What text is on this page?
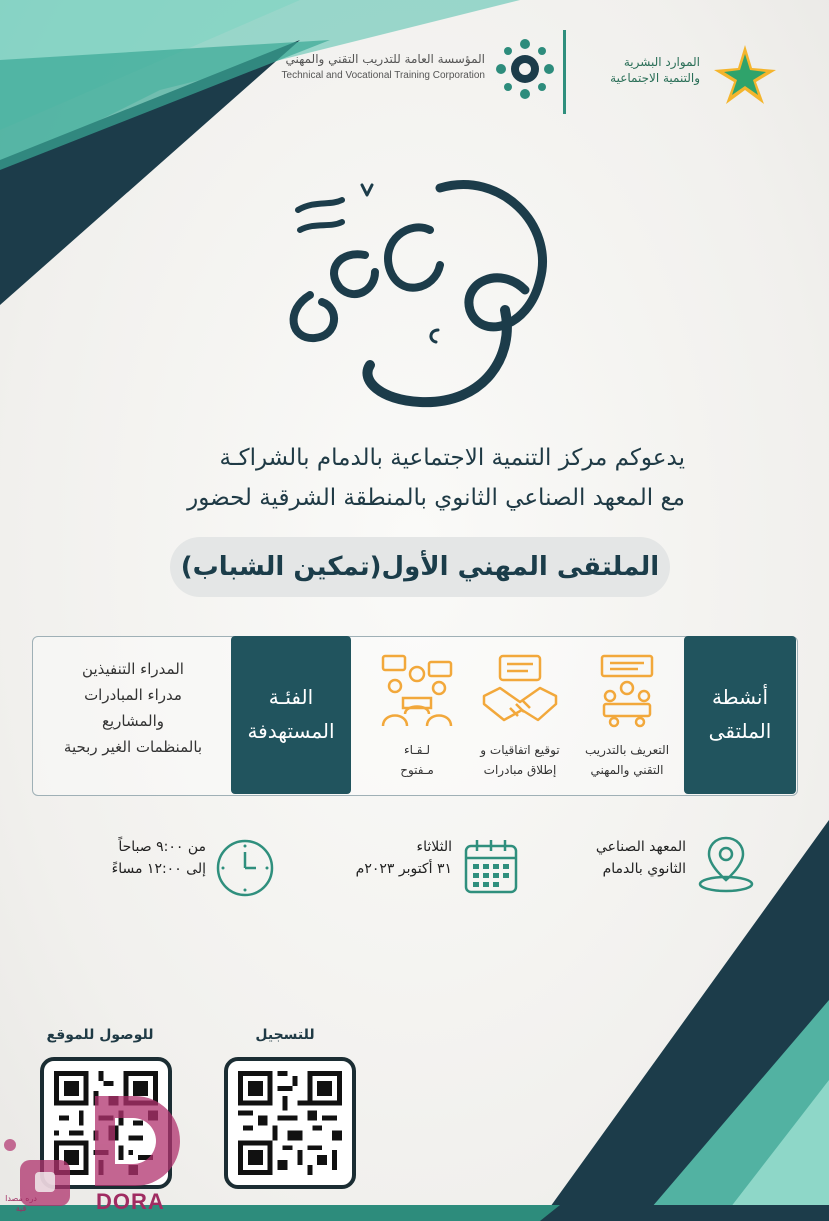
الموارد البشرية
والتنمية الاجتماعية
المؤسسة العامة للتدريب التقني والمهني
Technical and Vocational Training Corporation
يدعوكم مركز التنمية الاجتماعية بالدمام بالشراكـة
مع المعهد الصناعي الثانوي بالمنطقة الشرقية لحضور
الملتقى المهني الأول(تمكين الشباب)
أنشطة
الملتقى
التعريف بالتدريب
التقني والمهني
توقيع اتفاقيات و
إطلاق مبادرات
لـقـاء
مـفتوح
الفئـة
المستهدفة
المدراء التنفيذين
مدراء المبادرات
والمشاريع
بالمنظمات الغير ربحية
المعهد الصناعي
الثانوي بالدمام
الثلاثاء
٣١ أكتوبر ٢٠٢٣م
من ٩:٠٠ صباحاً
إلى ١٢:٠٠ مساءً
للتسجيل
للوصول للموقع
DORA
دره مصدا قية
